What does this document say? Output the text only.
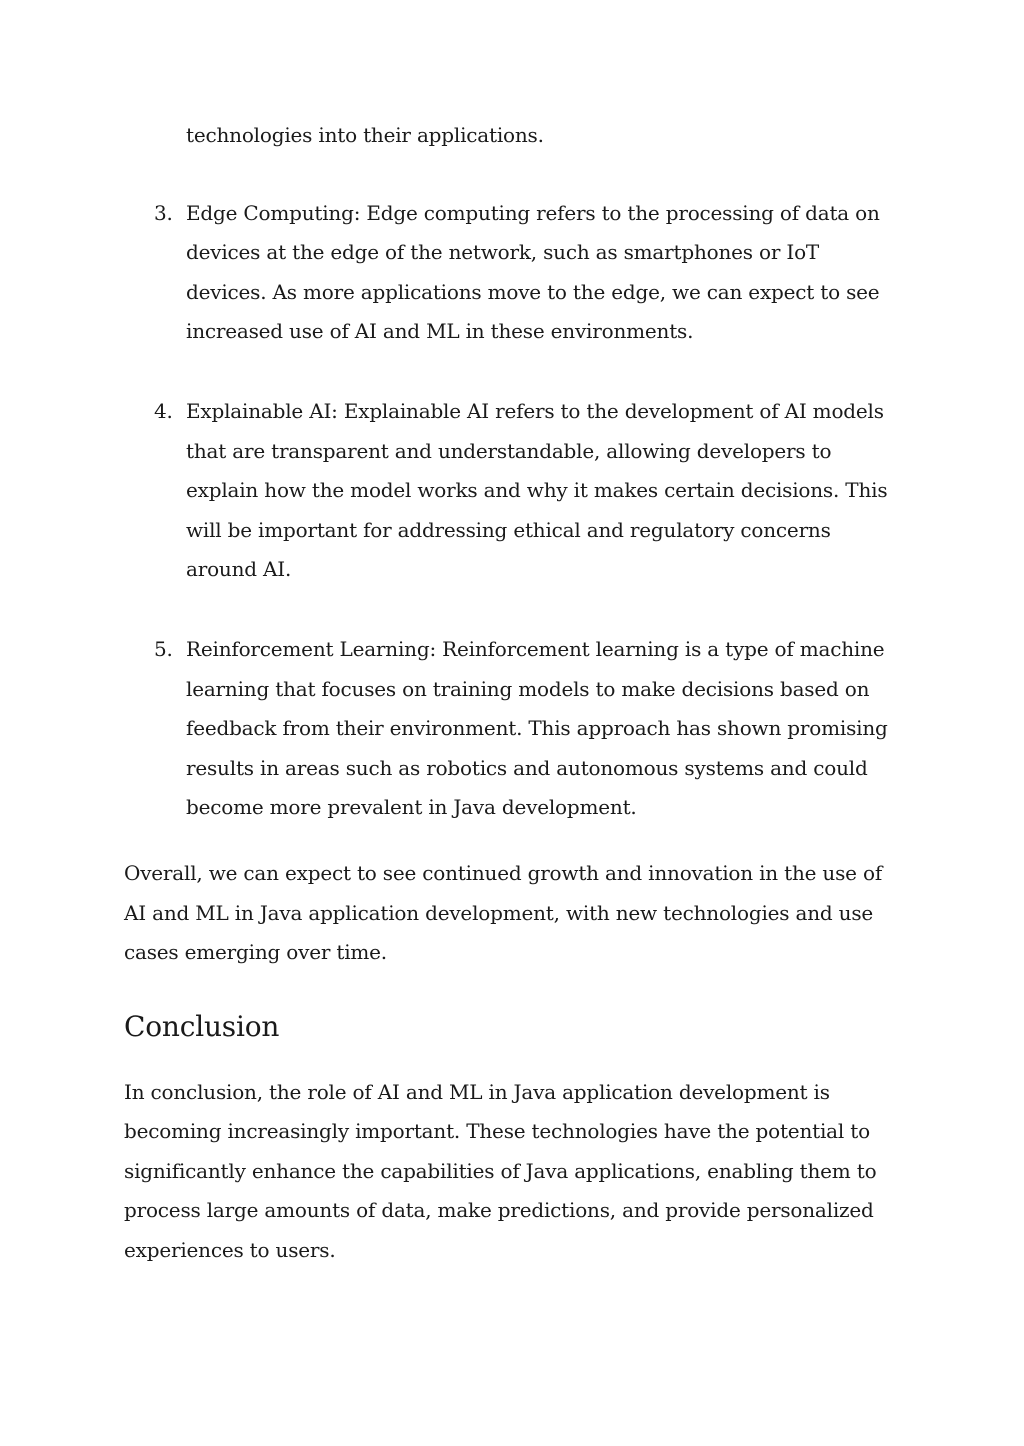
technologies into their applications.

3. Edge Computing: Edge computing refers to the processing of data on devices at the edge of the network, such as smartphones or IoT devices. As more applications move to the edge, we can expect to see increased use of AI and ML in these environments.
4. Explainable AI: Explainable AI refers to the development of AI models that are transparent and understandable, allowing developers to explain how the model works and why it makes certain decisions. This will be important for addressing ethical and regulatory concerns around AI.
5. Reinforcement Learning: Reinforcement learning is a type of machine learning that focuses on training models to make decisions based on feedback from their environment. This approach has shown promising results in areas such as robotics and autonomous systems and could become more prevalent in Java development.

Overall, we can expect to see continued growth and innovation in the use of AI and ML in Java application development, with new technologies and use cases emerging over time.

Conclusion

In conclusion, the role of AI and ML in Java application development is becoming increasingly important. These technologies have the potential to significantly enhance the capabilities of Java applications, enabling them to process large amounts of data, make predictions, and provide personalized experiences to users.
